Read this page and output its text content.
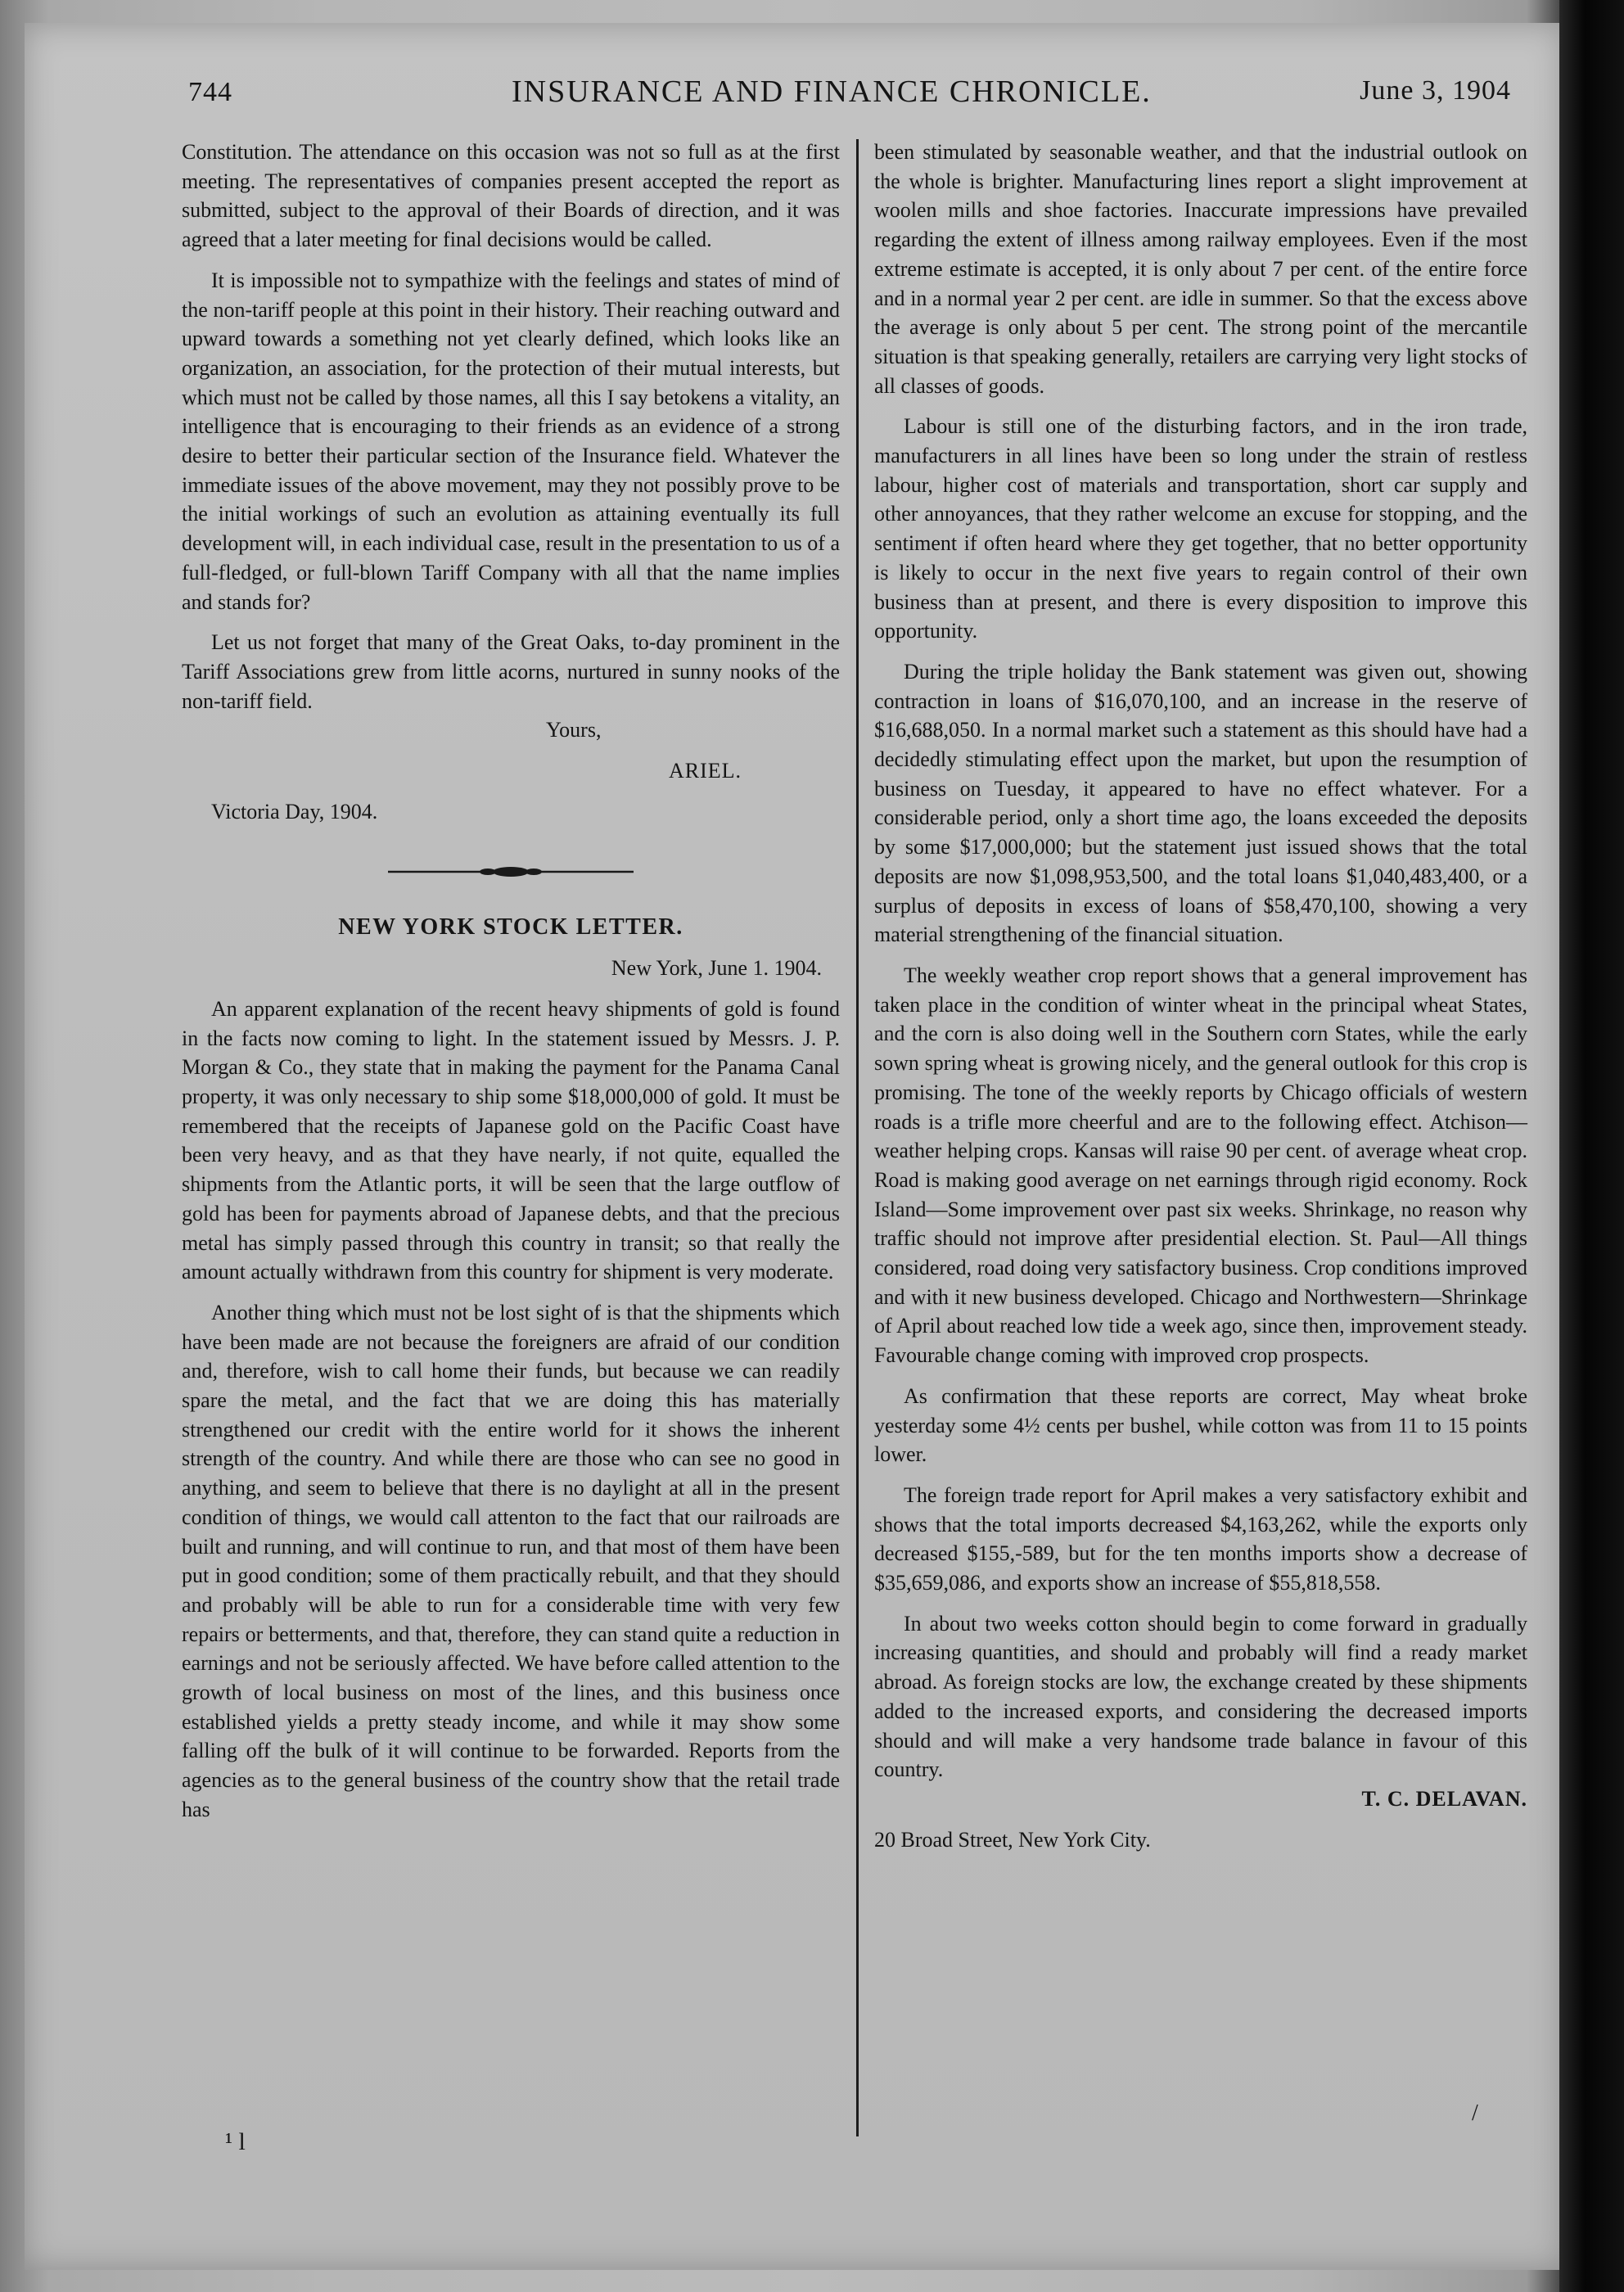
744	INSURANCE AND FINANCE CHRONICLE.	June 3, 1904

Constitution. The attendance on this occasion was not so full as at the first meeting. The representatives of companies present accepted the report as submitted, subject to the approval of their Boards of direction, and it was agreed that a later meeting for final decisions would be called.

It is impossible not to sympathize with the feelings and states of mind of the non-tariff people at this point in their history. Their reaching outward and upward towards a something not yet clearly defined, which looks like an organization, an association, for the protection of their mutual interests, but which must not be called by those names, all this I say betokens a vitality, an intelligence that is encouraging to their friends as an evidence of a strong desire to better their particular section of the Insurance field. Whatever the immediate issues of the above movement, may they not possibly prove to be the initial workings of such an evolution as attaining eventually its full development will, in each individual case, result in the presentation to us of a full-fledged, or full-blown Tariff Company with all that the name implies and stands for?

Let us not forget that many of the Great Oaks, to-day prominent in the Tariff Associations grew from little acorns, nurtured in sunny nooks of the non-tariff field.

Yours,

ARIEL.

Victoria Day, 1904.

NEW YORK STOCK LETTER.

New York, June 1. 1904.

An apparent explanation of the recent heavy shipments of gold is found in the facts now coming to light. In the statement issued by Messrs. J. P. Morgan & Co., they state that in making the payment for the Panama Canal property, it was only necessary to ship some $18,000,000 of gold. It must be remembered that the receipts of Japanese gold on the Pacific Coast have been very heavy, and as that they have nearly, if not quite, equalled the shipments from the Atlantic ports, it will be seen that the large outflow of gold has been for payments abroad of Japanese debts, and that the precious metal has simply passed through this country in transit; so that really the amount actually withdrawn from this country for shipment is very moderate.

Another thing which must not be lost sight of is that the shipments which have been made are not because the foreigners are afraid of our condition and, therefore, wish to call home their funds, but because we can readily spare the metal, and the fact that we are doing this has materially strengthened our credit with the entire world for it shows the inherent strength of the country. And while there are those who can see no good in anything, and seem to believe that there is no daylight at all in the present condition of things, we would call attenton to the fact that our railroads are built and running, and will continue to run, and that most of them have been put in good condition; some of them practically rebuilt, and that they should and probably will be able to run for a considerable time with very few repairs or betterments, and that, therefore, they can stand quite a reduction in earnings and not be seriously affected. We have before called attention to the growth of local business on most of the lines, and this business once established yields a pretty steady income, and while it may show some falling off the bulk of it will continue to be forwarded. Reports from the agencies as to the general business of the country show that the retail trade has

been stimulated by seasonable weather, and that the industrial outlook on the whole is brighter. Manufacturing lines report a slight improvement at woolen mills and shoe factories. Inaccurate impressions have prevailed regarding the extent of illness among railway employees. Even if the most extreme estimate is accepted, it is only about 7 per cent. of the entire force and in a normal year 2 per cent. are idle in summer. So that the excess above the average is only about 5 per cent. The strong point of the mercantile situation is that speaking generally, retailers are carrying very light stocks of all classes of goods.

Labour is still one of the disturbing factors, and in the iron trade, manufacturers in all lines have been so long under the strain of restless labour, higher cost of materials and transportation, short car supply and other annoyances, that they rather welcome an excuse for stopping, and the sentiment if often heard where they get together, that no better opportunity is likely to occur in the next five years to regain control of their own business than at present, and there is every disposition to improve this opportunity.

During the triple holiday the Bank statement was given out, showing contraction in loans of $16,070,100, and an increase in the reserve of $16,688,050. In a normal market such a statement as this should have had a decidedly stimulating effect upon the market, but upon the resumption of business on Tuesday, it appeared to have no effect whatever. For a considerable period, only a short time ago, the loans exceeded the deposits by some $17,000,000; but the statement just issued shows that the total deposits are now $1,098,953,500, and the total loans $1,040,483,400, or a surplus of deposits in excess of loans of $58,470,100, showing a very material strengthening of the financial situation.

The weekly weather crop report shows that a general improvement has taken place in the condition of winter wheat in the principal wheat States, and the corn is also doing well in the Southern corn States, while the early sown spring wheat is growing nicely, and the general outlook for this crop is promising. The tone of the weekly reports by Chicago officials of western roads is a trifle more cheerful and are to the following effect. Atchison—weather helping crops. Kansas will raise 90 per cent. of average wheat crop. Road is making good average on net earnings through rigid economy. Rock Island—Some improvement over past six weeks. Shrinkage, no reason why traffic should not improve after presidential election. St. Paul—All things considered, road doing very satisfactory business. Crop conditions improved and with it new business developed. Chicago and Northwestern—Shrinkage of April about reached low tide a week ago, since then, improvement steady. Favourable change coming with improved crop prospects.

As confirmation that these reports are correct, May wheat broke yesterday some 4½ cents per bushel, while cotton was from 11 to 15 points lower.

The foreign trade report for April makes a very satisfactory exhibit and shows that the total imports decreased $4,163,262, while the exports only decreased $155,-589, but for the ten months imports show a decrease of $35,659,086, and exports show an increase of $55,818,558.

In about two weeks cotton should begin to come forward in gradually increasing quantities, and should and probably will find a ready market abroad. As foreign stocks are low, the exchange created by these shipments added to the increased exports, and considering the decreased imports should and will make a very handsome trade balance in favour of this country.

T. C. DELAVAN.

20 Broad Street, New York City.

¹ l
/
